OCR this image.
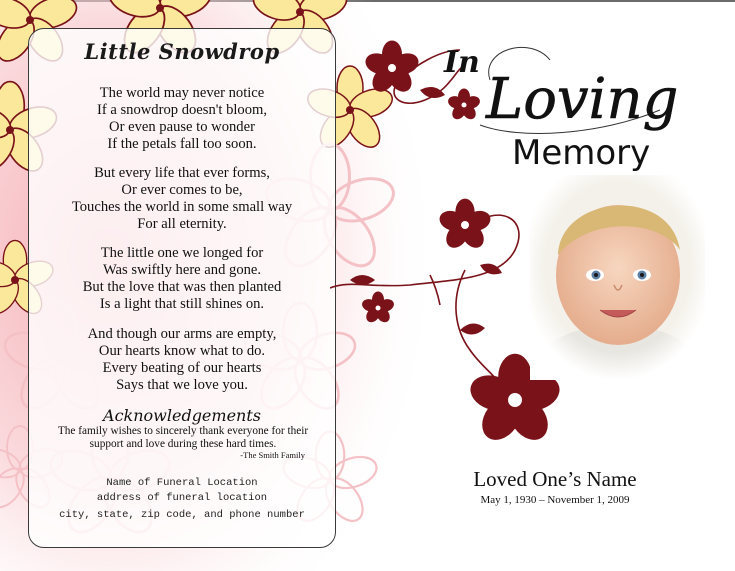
Little Snowdrop
The world may never notice
If a snowdrop doesn't bloom,
Or even pause to wonder
If the petals fall too soon.
But every life that ever forms,
Or ever comes to be,
Touches the world in some small way
For all eternity.
The little one we longed for
Was swiftly here and gone.
But the love that was then planted
Is a light that still shines on.
And though our arms are empty,
Our hearts know what to do.
Every beating of our hearts
Says that we love you.
Acknowledgements
The family wishes to sincerely thank everyone for their
support and love during these hard times.
-The Smith Family
Name of Funeral Location
address of funeral location
city, state, zip code, and phone number
In
Loving
Memory
Loved One’s Name
May 1, 1930 – November 1, 2009
